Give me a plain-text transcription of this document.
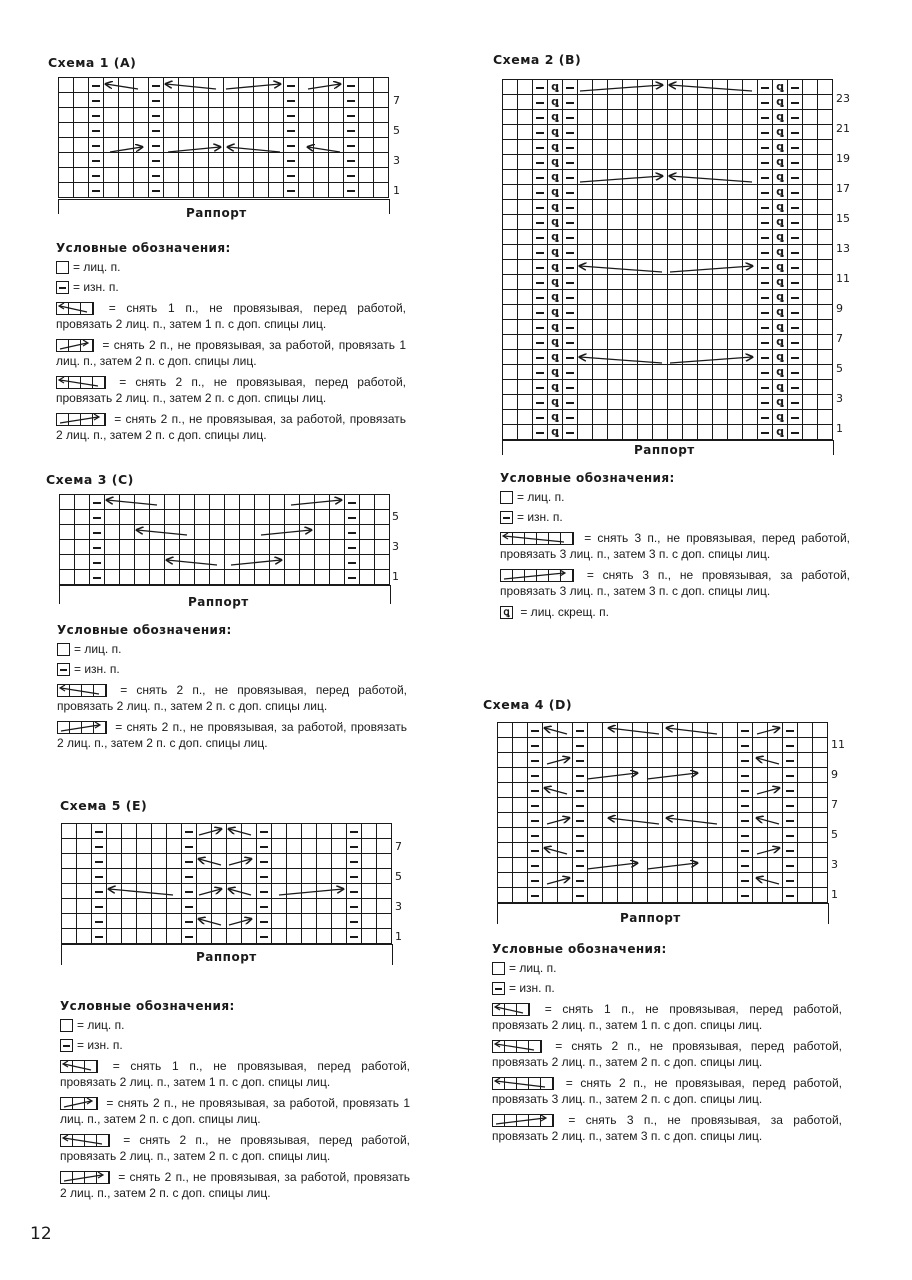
Схема 1 (A)
7
5
3
1
Раппорт
Условные обозначения:
= лиц. п.
= изн. п.
= снять 1 п., не провязывая, перед работой, провязать 2 лиц. п., затем 1 п. с доп. спицы лиц.
= снять 2 п., не провязывая, за работой, провязать 1 лиц. п., затем 2 п. с доп. спицы лиц.
= снять 2 п., не провязывая, перед работой, провязать 2 лиц. п., затем 2 п. с доп. спицы лиц.
= снять 2 п., не провязывая, за работой, провязать 2 лиц. п., затем 2 п. с доп. спицы лиц.
Схема 2 (B)
ꝗ	ꝗ
ꝗ	ꝗ
ꝗ	ꝗ
ꝗ	ꝗ
ꝗ	ꝗ
ꝗ	ꝗ
ꝗ	ꝗ
ꝗ	ꝗ
ꝗ	ꝗ
ꝗ	ꝗ
ꝗ	ꝗ
ꝗ	ꝗ
ꝗ	ꝗ
ꝗ	ꝗ
ꝗ	ꝗ
ꝗ	ꝗ
ꝗ	ꝗ
ꝗ	ꝗ
ꝗ	ꝗ
ꝗ	ꝗ
ꝗ	ꝗ
ꝗ	ꝗ
ꝗ	ꝗ
ꝗ	ꝗ
23
21
19
17
15
13
11
9
7
5
3
1
Раппорт
Условные обозначения:
= лиц. п.
= изн. п.
= снять 3 п., не провязывая, перед работой, провязать 3 лиц. п., затем 3 п. с доп. спицы лиц.
= снять 3 п., не провязывая, за работой, провязать 3 лиц. п., затем 3 п. с доп. спицы лиц.
ꝗ = лиц. скрещ. п.
Схема 3 (C)
5
3
1
Раппорт
Условные обозначения:
= лиц. п.
= изн. п.
= снять 2 п., не провязывая, перед работой, провязать 2 лиц. п., затем 2 п. с доп. спицы лиц.
= снять 2 п., не провязывая, за работой, провязать 2 лиц. п., затем 2 п. с доп. спицы лиц.
Схема 4 (D)
11
9
7
5
3
1
Раппорт
Условные обозначения:
= лиц. п.
= изн. п.
= снять 1 п., не провязывая, перед работой, провязать 2 лиц. п., затем 1 п. с доп. спицы лиц.
= снять 2 п., не провязывая, перед работой, провязать 2 лиц. п., затем 2 п. с доп. спицы лиц.
= снять 2 п., не провязывая, перед работой, провязать 3 лиц. п., затем 2 п. с доп. спицы лиц.
= снять 3 п., не провязывая, за работой, провязать 2 лиц. п., затем 3 п. с доп. спицы лиц.
Схема 5 (E)
7
5
3
1
Раппорт
Условные обозначения:
= лиц. п.
= изн. п.
= снять 1 п., не провязывая, перед работой, провязать 2 лиц. п., затем 1 п. с доп. спицы лиц.
= снять 2 п., не провязывая, за работой, провязать 1 лиц. п., затем 2 п. с доп. спицы лиц.
= снять 2 п., не провязывая, перед работой, провязать 2 лиц. п., затем 2 п. с доп. спицы лиц.
= снять 2 п., не провязывая, за работой, провязать 2 лиц. п., затем 2 п. с доп. спицы лиц.
12
